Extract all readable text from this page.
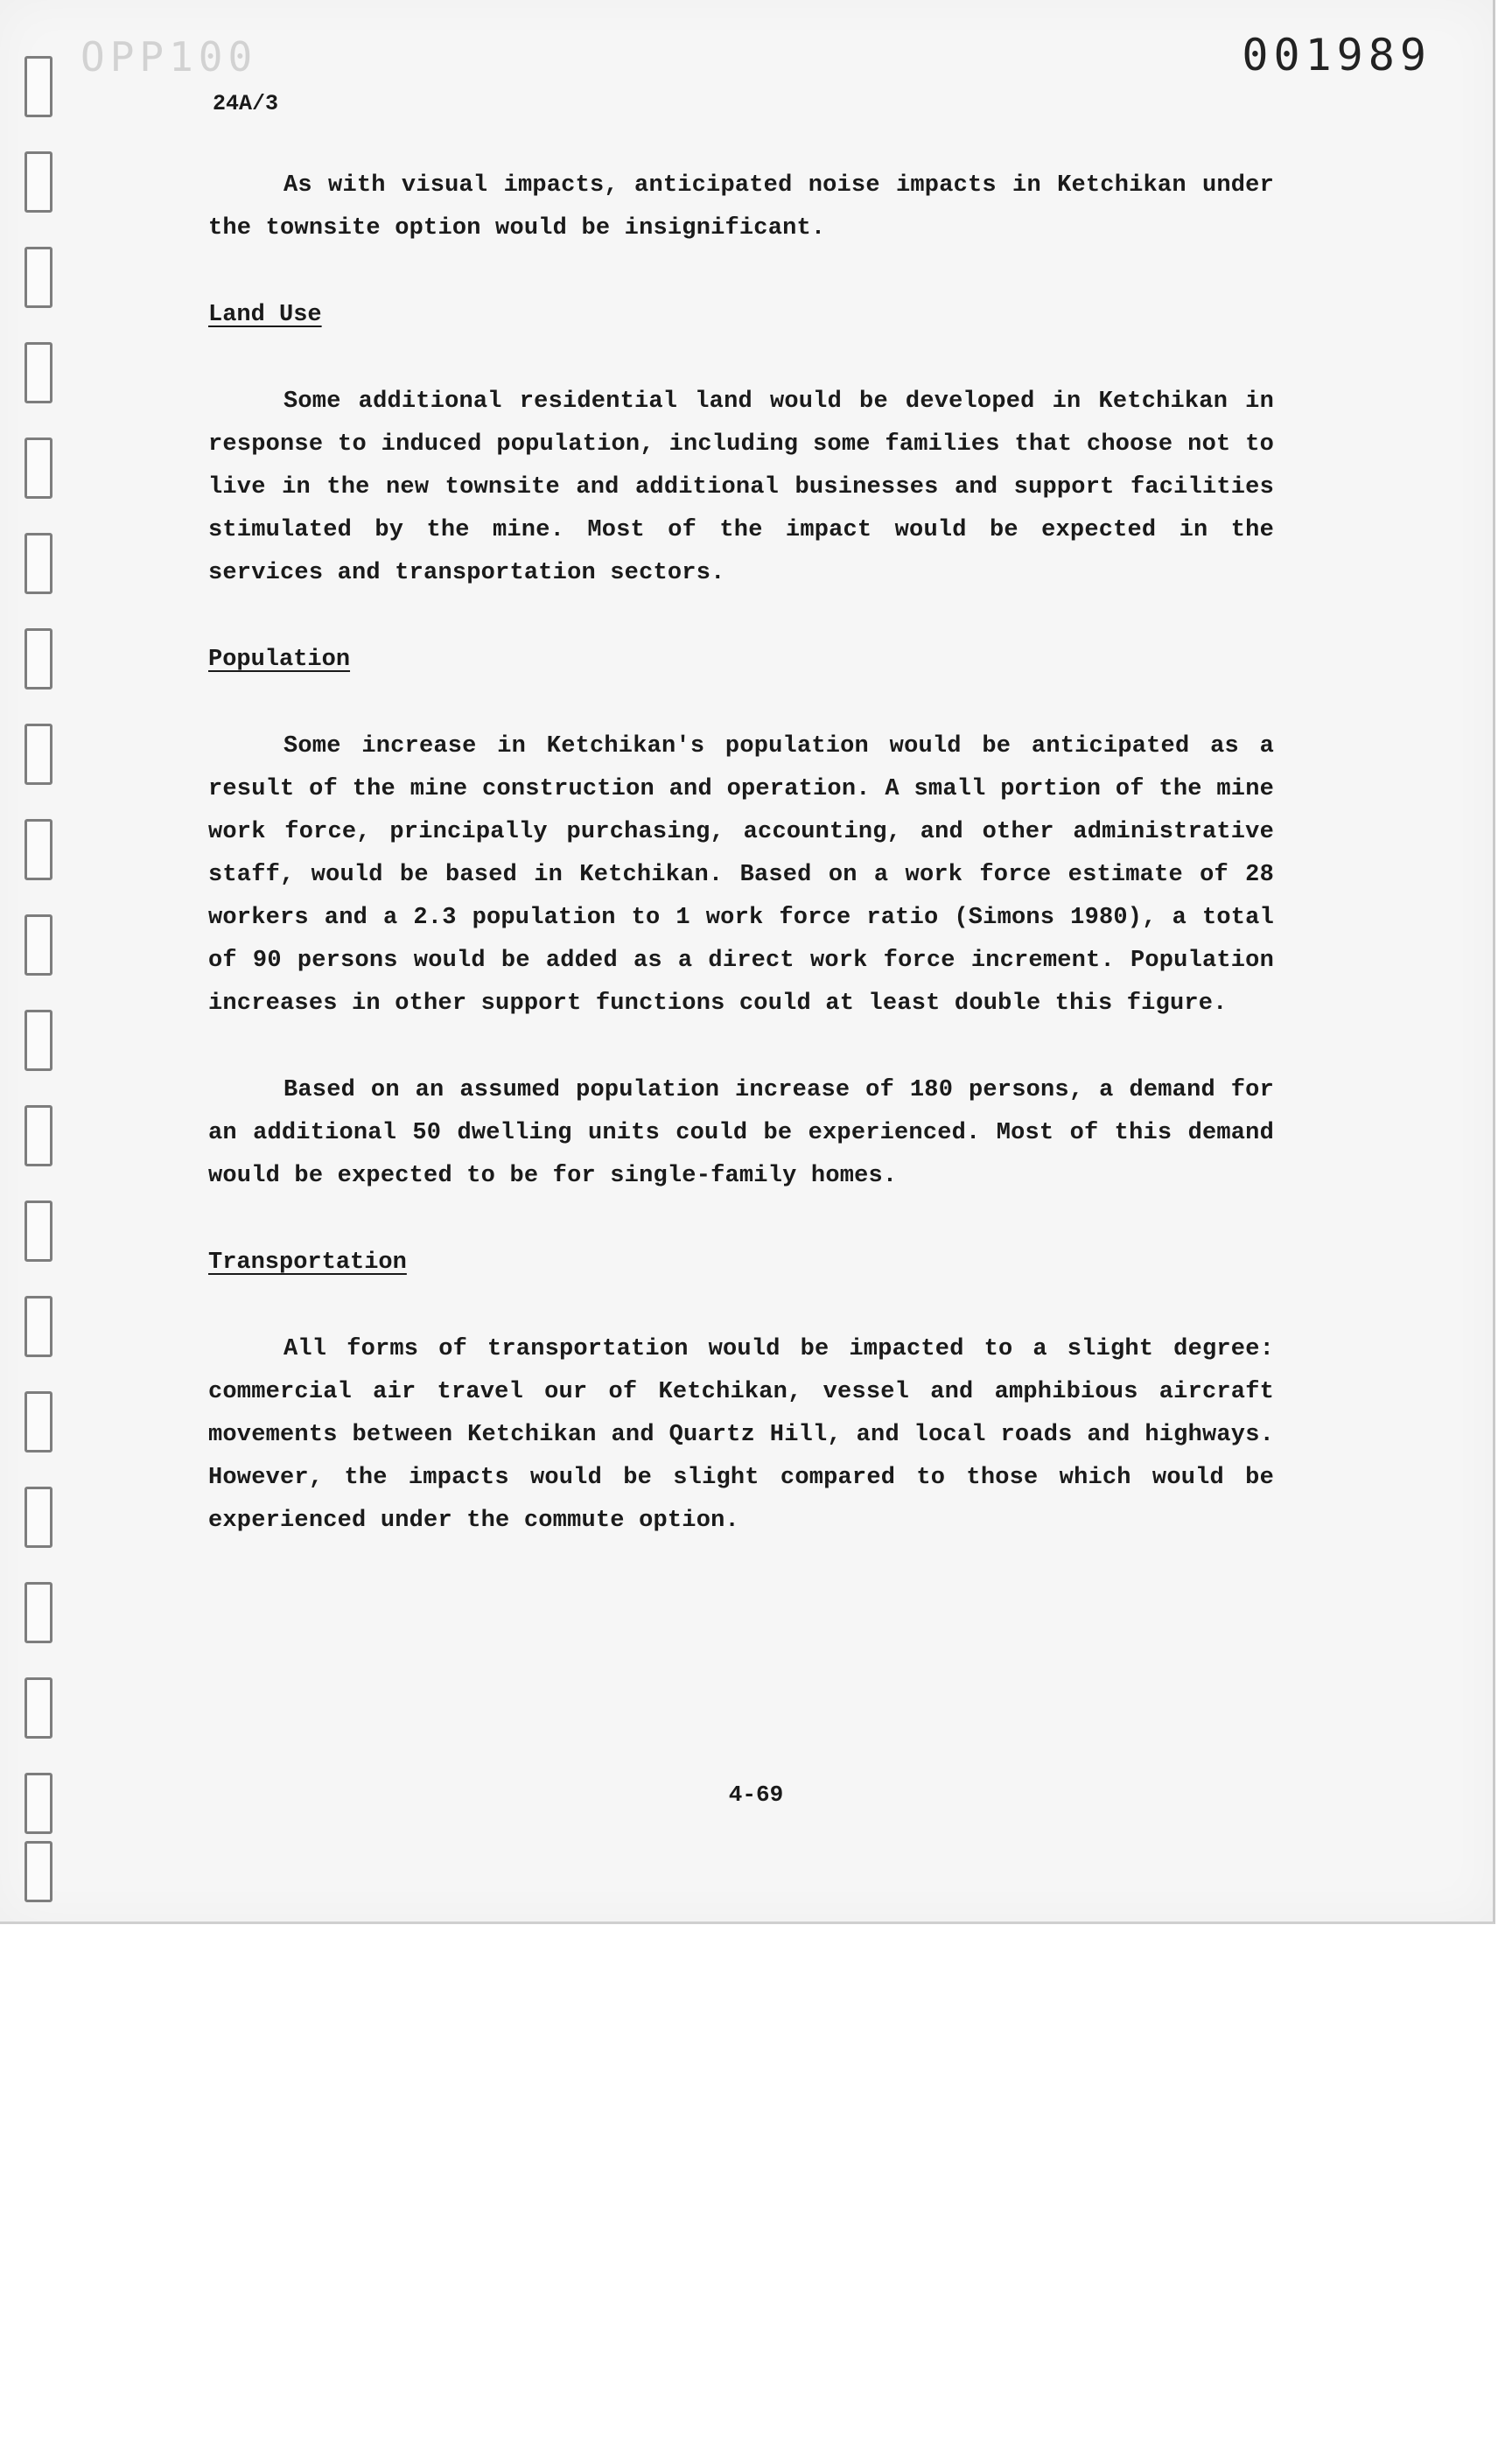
OPP100	001989
24A/3

As with visual impacts, anticipated noise impacts in Ketchikan under the townsite option would be insignificant.

Land Use

Some additional residential land would be developed in Ketchikan in response to induced population, including some families that choose not to live in the new townsite and additional businesses and support facilities stimulated by the mine. Most of the impact would be expected in the services and transportation sectors.

Population

Some increase in Ketchikan's population would be anticipated as a result of the mine construction and operation. A small portion of the mine work force, principally purchasing, accounting, and other administrative staff, would be based in Ketchikan. Based on a work force estimate of 28 workers and a 2.3 population to 1 work force ratio (Simons 1980), a total of 90 persons would be added as a direct work force increment. Population increases in other support functions could at least double this figure.

Based on an assumed population increase of 180 persons, a demand for an additional 50 dwelling units could be experienced. Most of this demand would be expected to be for single-family homes.

Transportation

All forms of transportation would be impacted to a slight degree: commercial air travel our of Ketchikan, vessel and amphibious aircraft movements between Ketchikan and Quartz Hill, and local roads and highways. However, the impacts would be slight compared to those which would be experienced under the commute option.

4-69
